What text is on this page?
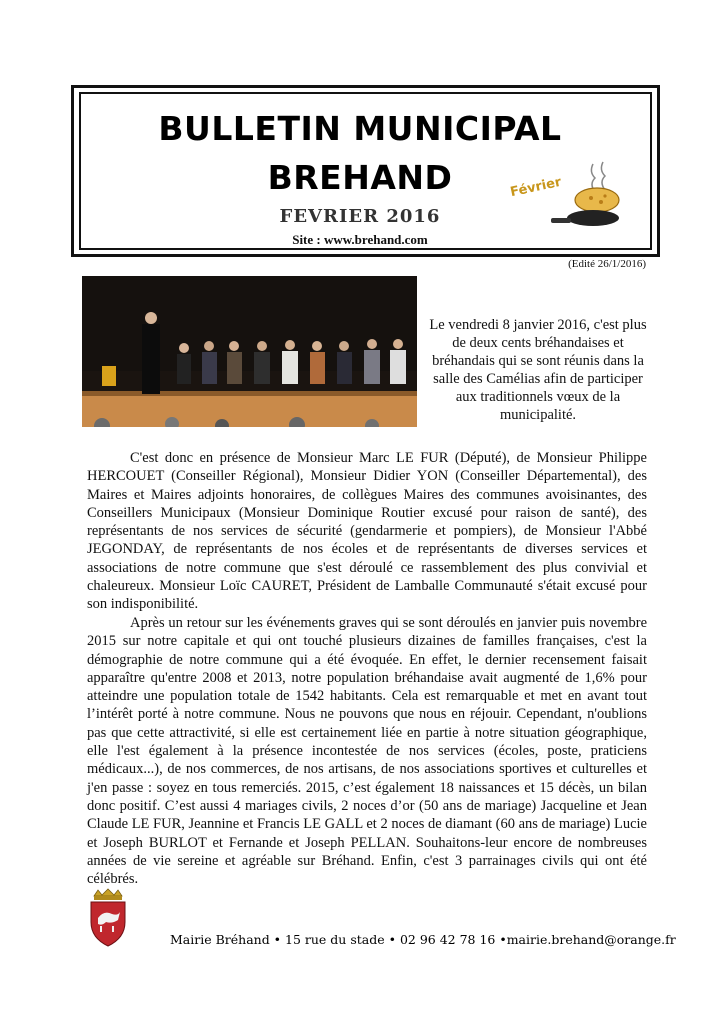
BULLETIN MUNICIPAL
BREHAND
FEVRIER 2016
Site : www.brehand.com
Février
(Edité 26/1/2016)
Le vendredi 8 janvier 2016, c'est plus de deux cents bréhandaises et bréhandais qui se sont réunis dans la salle des Camélias afin de participer aux traditionnels vœux de la municipalité.

C'est donc en présence de Monsieur Marc LE FUR (Député), de Monsieur Philippe HERCOUET (Conseiller Régional), Monsieur Didier YON (Conseiller Départemental), des Maires et Maires adjoints honoraires, de collègues Maires des communes avoisinantes, des Conseillers Municipaux (Monsieur Dominique Routier excusé pour raison de santé), des représentants de nos services de sécurité (gendarmerie et pompiers), de Monsieur l'Abbé JEGONDAY, de représentants de nos écoles et de représentants de diverses services et associations de notre commune que s'est déroulé ce rassemblement des plus convivial et chaleureux. Monsieur Loïc CAURET, Président de Lamballe Communauté s'était excusé pour son indisponibilité.

Après un retour sur les événements graves qui se sont déroulés en janvier puis novembre 2015 sur notre capitale et qui ont touché plusieurs dizaines de familles françaises, c'est la démographie de notre commune qui a été évoquée. En effet, le dernier recensement faisait apparaître qu'entre 2008 et 2013, notre population bréhandaise avait augmenté de 1,6% pour atteindre une population totale de 1542 habitants. Cela est remarquable et met en avant tout l’intérêt porté à notre commune. Nous ne pouvons que nous en réjouir. Cependant, n'oublions pas que cette attractivité, si elle est certainement liée en partie à notre situation géographique, elle l'est également à la présence incontestée de nos services (écoles, poste, praticiens médicaux...), de nos commerces, de nos artisans, de nos associations sportives et culturelles et j'en passe : soyez en tous remerciés. 2015, c’est également 18 naissances et 15 décès, un bilan donc positif. C’est aussi 4 mariages civils, 2 noces d’or (50 ans de mariage) Jacqueline et Jean Claude LE FUR, Jeannine et Francis LE GALL et 2 noces de diamant (60 ans de mariage) Lucie et Joseph BURLOT et Fernande et Joseph PELLAN. Souhaitons-leur encore de nombreuses années de vie sereine et agréable sur Bréhand. Enfin, c'est 3 parrainages civils qui ont été célébrés.

Mairie Bréhand • 15 rue du stade • 02 96 42 78 16 •mairie.brehand@orange.fr
